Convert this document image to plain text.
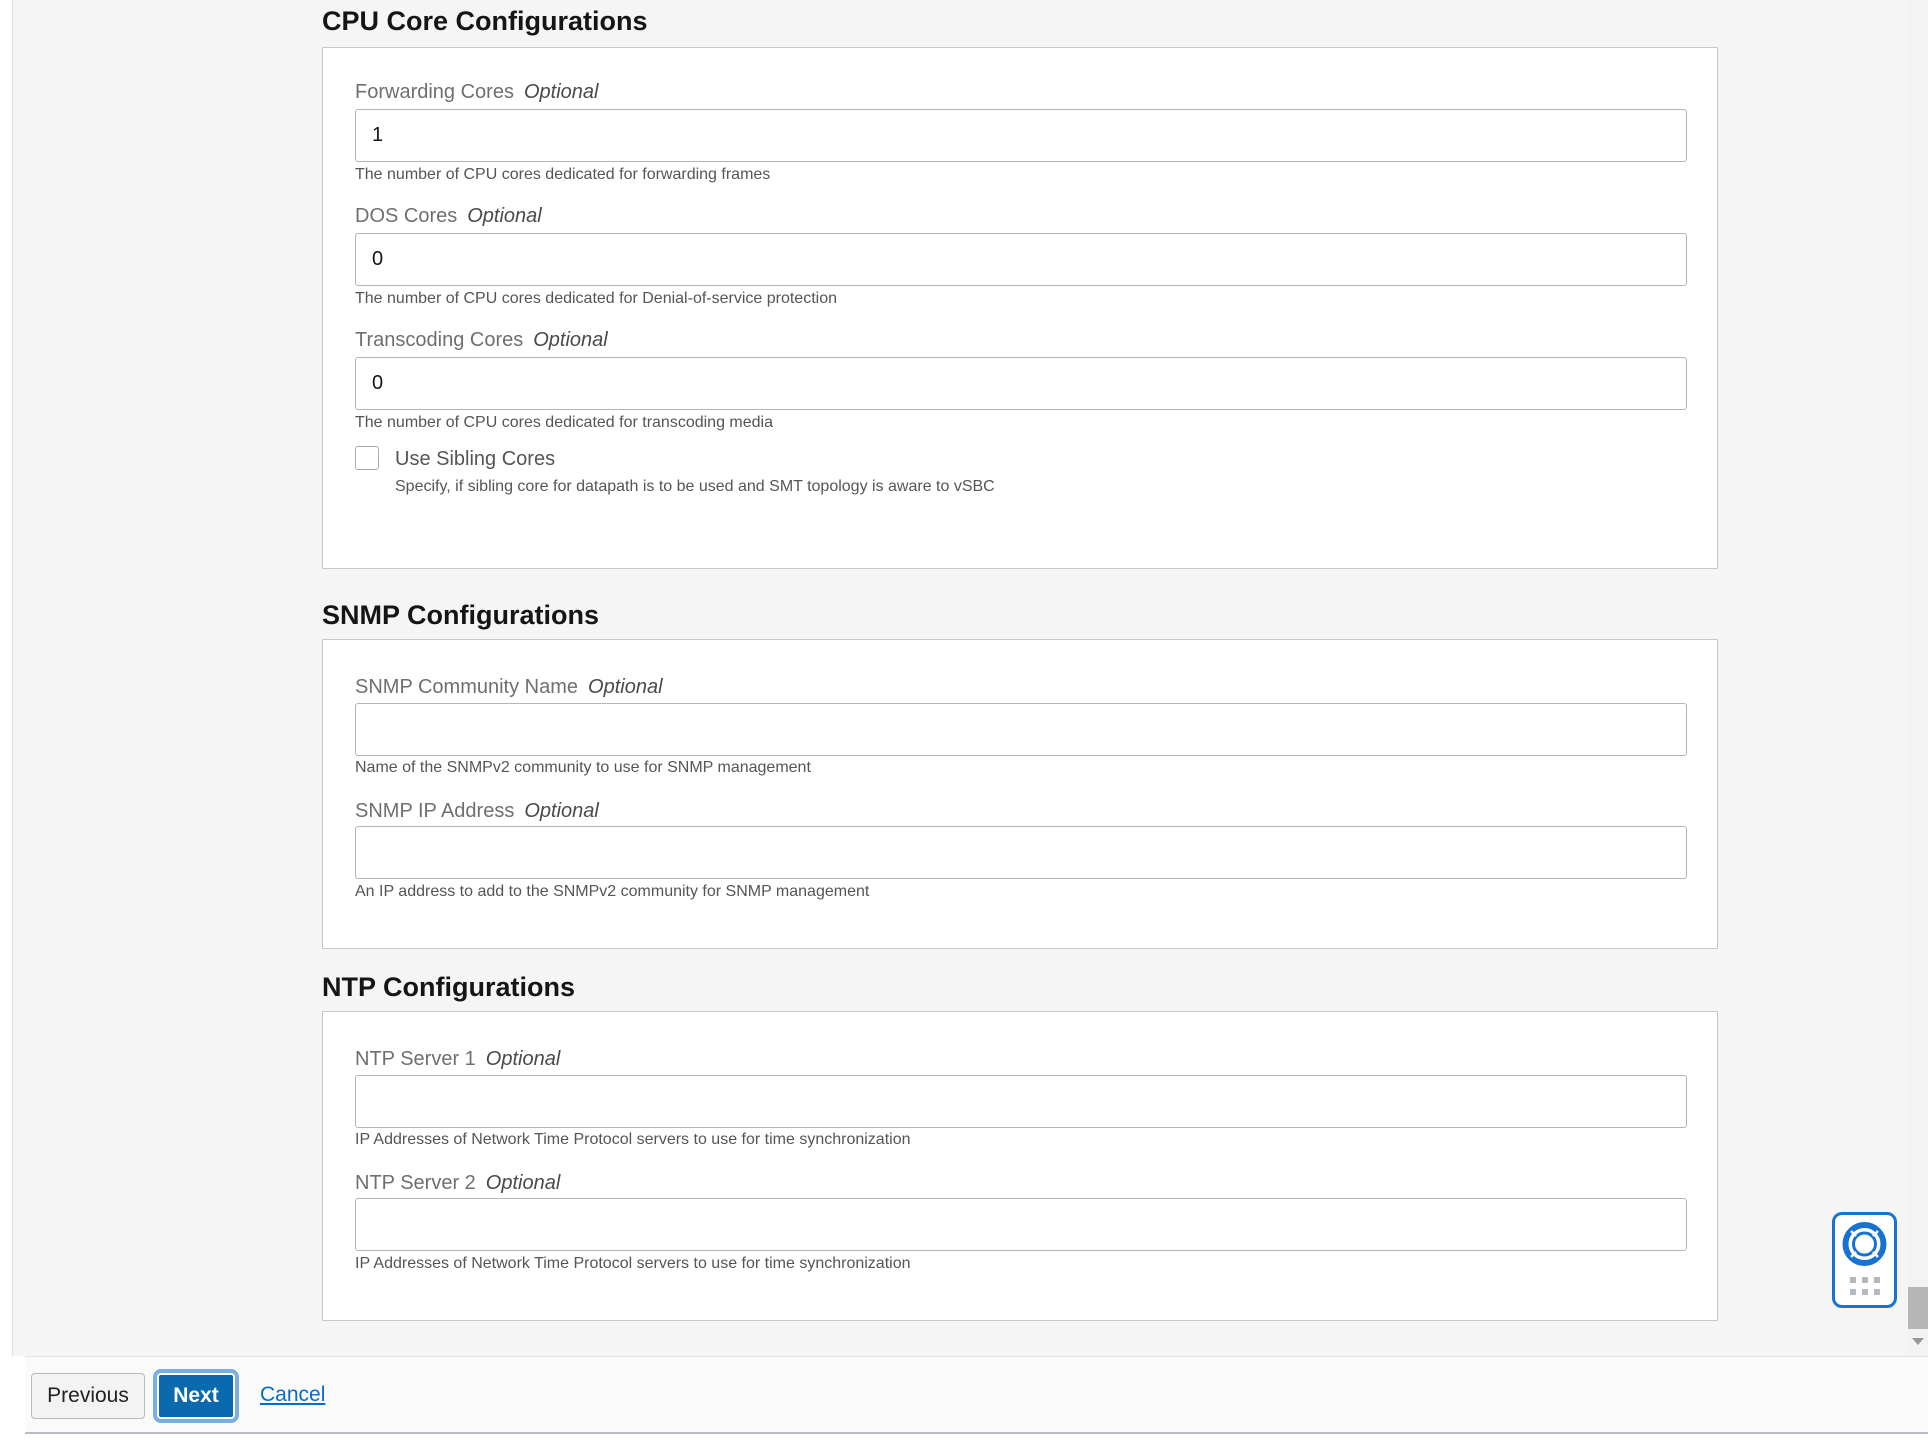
CPU Core Configurations
Forwarding Cores Optional
1
The number of CPU cores dedicated for forwarding frames
DOS Cores Optional
0
The number of CPU cores dedicated for Denial-of-service protection
Transcoding Cores Optional
0
The number of CPU cores dedicated for transcoding media
Use Sibling Cores
Specify, if sibling core for datapath is to be used and SMT topology is aware to vSBC
SNMP Configurations
SNMP Community Name Optional
Name of the SNMPv2 community to use for SNMP management
SNMP IP Address Optional
An IP address to add to the SNMPv2 community for SNMP management
NTP Configurations
NTP Server 1 Optional
IP Addresses of Network Time Protocol servers to use for time synchronization
NTP Server 2 Optional
IP Addresses of Network Time Protocol servers to use for time synchronization
Previous	Next	Cancel
